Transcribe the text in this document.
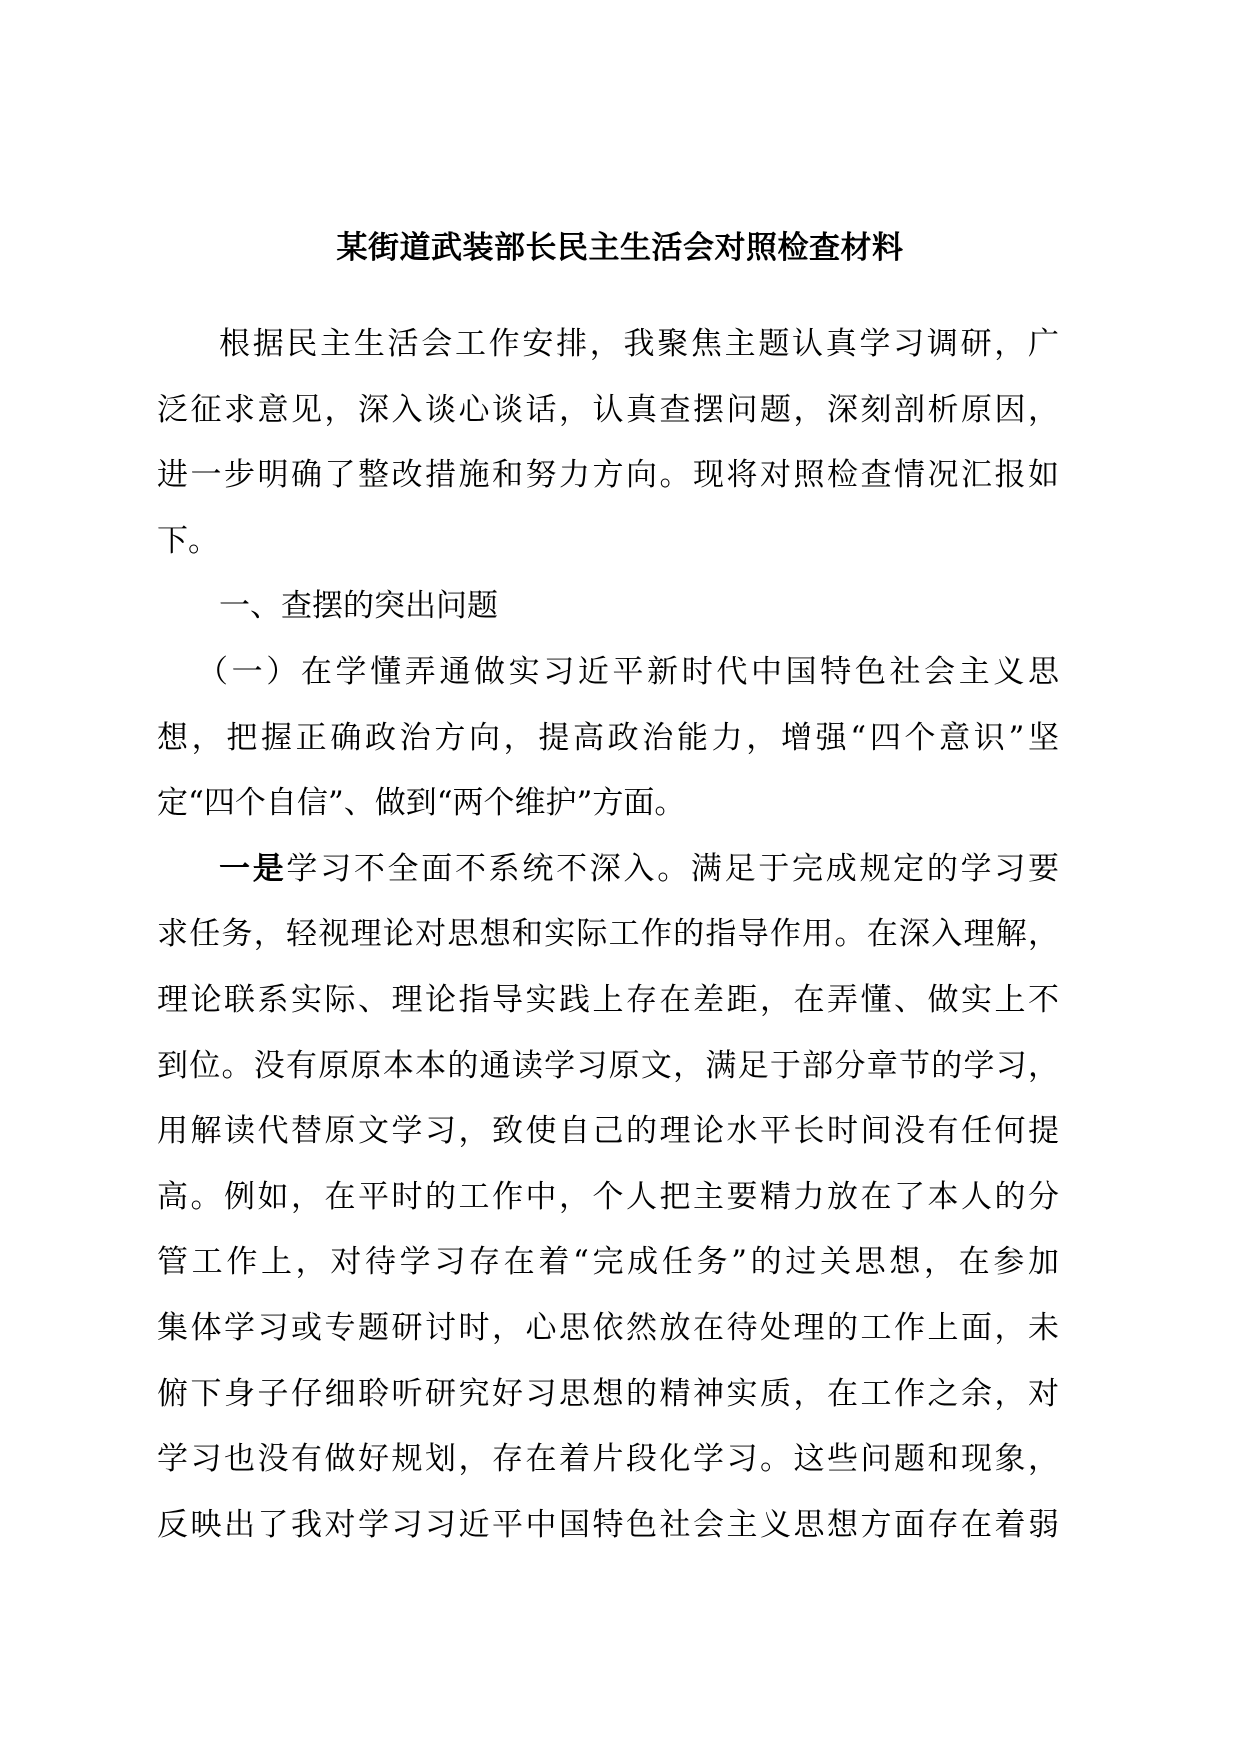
某街道武装部长民主生活会对照检查材料
根据民主生活会工作安排，我聚焦主题认真学习调研，广
泛征求意见，深入谈心谈话，认真查摆问题，深刻剖析原因，
进一步明确了整改措施和努力方向。现将对照检查情况汇报如
下。
一、查摆的突出问题
（一）在学懂弄通做实习近平新时代中国特色社会主义思
想，把握正确政治方向，提高政治能力，增强“四个意识”坚
定“四个自信”、做到“两个维护”方面。
一是学习不全面不系统不深入。满足于完成规定的学习要
求任务，轻视理论对思想和实际工作的指导作用。在深入理解，
理论联系实际、理论指导实践上存在差距，在弄懂、做实上不
到位。没有原原本本的通读学习原文，满足于部分章节的学习，
用解读代替原文学习，致使自己的理论水平长时间没有任何提
高。例如，在平时的工作中，个人把主要精力放在了本人的分
管工作上，对待学习存在着“完成任务”的过关思想，在参加
集体学习或专题研讨时，心思依然放在待处理的工作上面，未
俯下身子仔细聆听研究好习思想的精神实质，在工作之余，对
学习也没有做好规划，存在着片段化学习。这些问题和现象，
反映出了我对学习习近平中国特色社会主义思想方面存在着弱
